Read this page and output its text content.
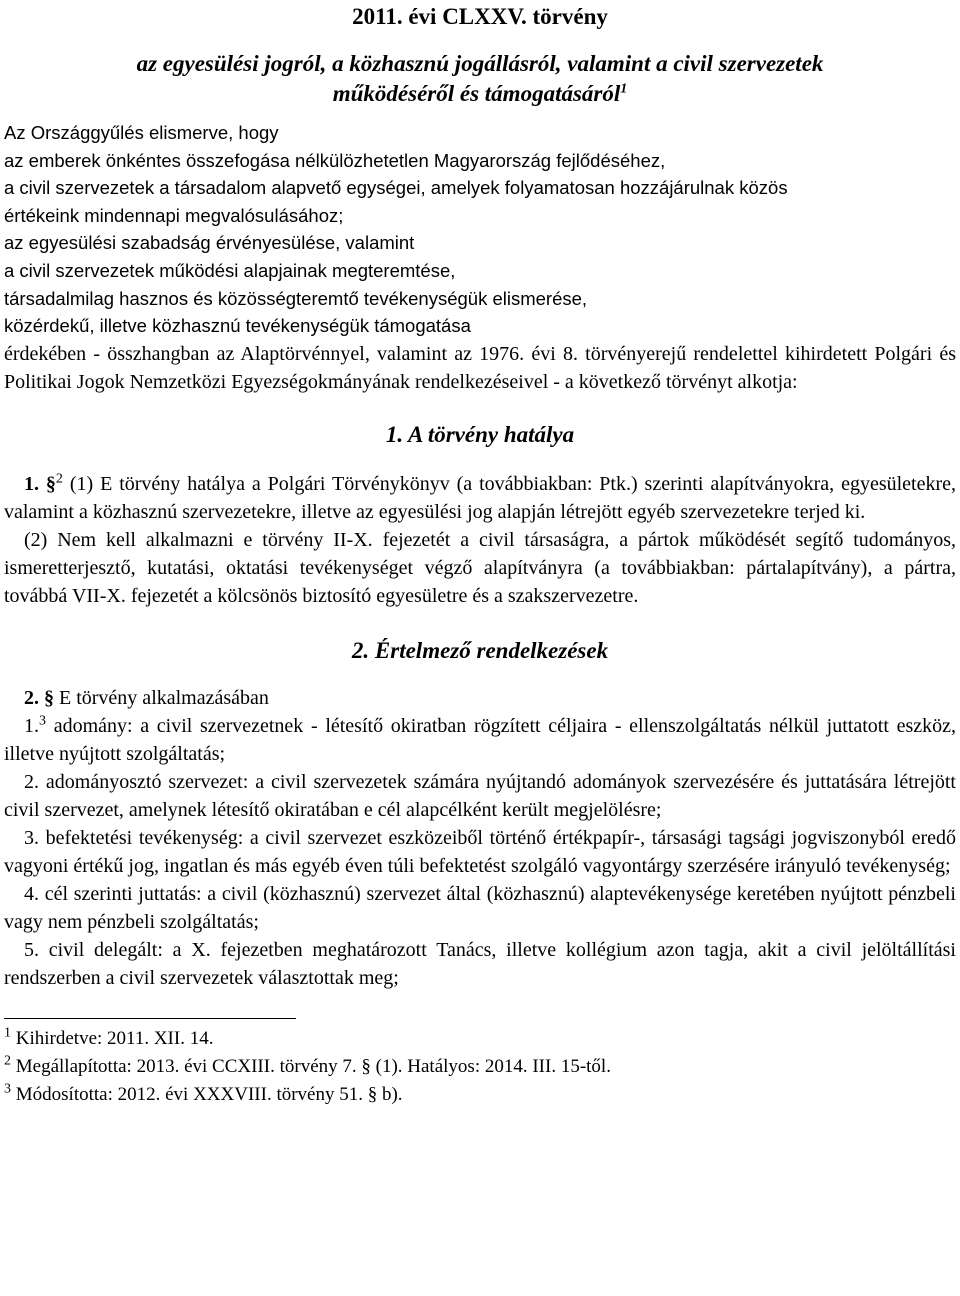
2011. évi CLXXV. törvény
az egyesülési jogról, a közhasznú jogállásról, valamint a civil szervezetek
működéséről és támogatásáról$^1$
Az Országgyűlés elismerve, hogy
az emberek önkéntes összefogása nélkülözhetetlen Magyarország fejlődéséhez,
a civil szervezetek a társadalom alapvető egységei, amelyek folyamatosan hozzájárulnak közös
értékeink mindennapi megvalósulásához;
az egyesülési szabadság érvényesülése, valamint
a civil szervezetek működési alapjainak megteremtése,
társadalmilag hasznos és közösségteremtő tevékenységük elismerése,
közérdekű, illetve közhasznú tevékenységük támogatása
érdekében - összhangban az Alaptörvénnyel, valamint az 1976. évi 8. törvényerejű rendelettel kihirdetett Polgári és Politikai Jogok Nemzetközi Egyezségokmányának rendelkezéseivel - a következő törvényt alkotja:
1. A törvény hatálya
1. §$^2$ (1) E törvény hatálya a Polgári Törvénykönyv (a továbbiakban: Ptk.) szerinti alapítványokra, egyesületekre, valamint a közhasznú szervezetekre, illetve az egyesülési jog alapján létrejött egyéb szervezetekre terjed ki.
(2) Nem kell alkalmazni e törvény II-X. fejezetét a civil társaságra, a pártok működését segítő tudományos, ismeretterjesztő, kutatási, oktatási tevékenységet végző alapítványra (a továbbiakban: pártalapítvány), a pártra, továbbá VII-X. fejezetét a kölcsönös biztosító egyesületre és a szakszervezetre.
2. Értelmező rendelkezések
2. § E törvény alkalmazásában
1.$^3$ adomány: a civil szervezetnek - létesítő okiratban rögzített céljaira - ellenszolgáltatás nélkül juttatott eszköz, illetve nyújtott szolgáltatás;
2. adományosztó szervezet: a civil szervezetek számára nyújtandó adományok szervezésére és juttatására létrejött civil szervezet, amelynek létesítő okiratában e cél alapcélként került megjelölésre;
3. befektetési tevékenység: a civil szervezet eszközeiből történő értékpapír-, társasági tagsági jogviszonyból eredő vagyoni értékű jog, ingatlan és más egyéb éven túli befektetést szolgáló vagyontárgy szerzésére irányuló tevékenység;
4. cél szerinti juttatás: a civil (közhasznú) szervezet által (közhasznú) alaptevékenysége keretében nyújtott pénzbeli vagy nem pénzbeli szolgáltatás;
5. civil delegált: a X. fejezetben meghatározott Tanács, illetve kollégium azon tagja, akit a civil jelöltállítási rendszerben a civil szervezetek választottak meg;
$^1$ Kihirdetve: 2011. XII. 14.
$^2$ Megállapította: 2013. évi CCXIII. törvény 7. § (1). Hatályos: 2014. III. 15-től.
$^3$ Módosította: 2012. évi XXXVIII. törvény 51. § b).
